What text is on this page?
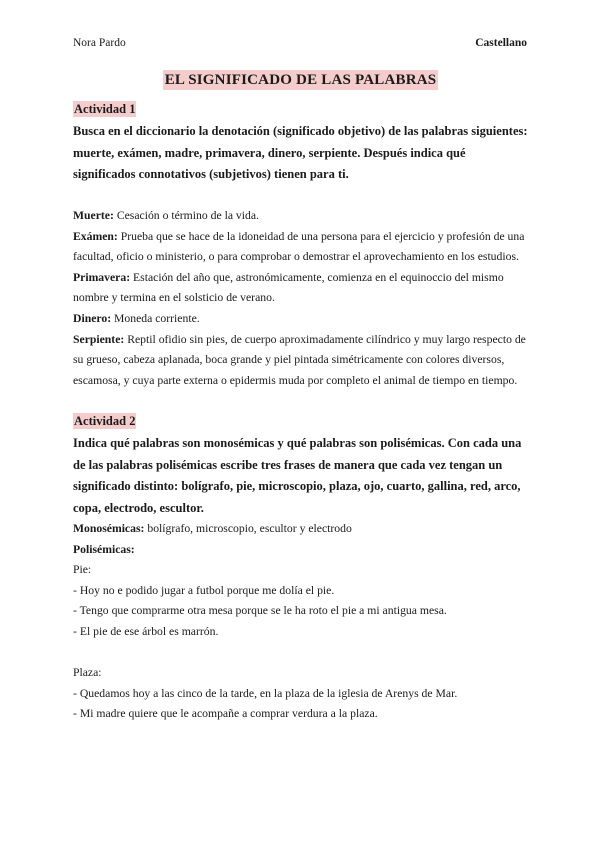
Nora Pardo	Castellano
EL SIGNIFICADO DE LAS PALABRAS
Actividad 1

Busca en el diccionario la denotación (significado objetivo) de las palabras siguientes: muerte, exámen, madre, primavera, dinero, serpiente. Después indica qué significados connotativos (subjetivos) tienen para ti.

Muerte: Cesación o término de la vida.

Exámen: Prueba que se hace de la idoneidad de una persona para el ejercicio y profesión de una facultad, oficio o ministerio, o para comprobar o demostrar el aprovechamiento en los estudios.

Primavera: Estación del año que, astronómicamente, comienza en el equinoccio del mismo nombre y termina en el solsticio de verano.

Dinero: Moneda corriente.

Serpiente: Reptil ofidio sin pies, de cuerpo aproximadamente cilíndrico y muy largo respecto de su grueso, cabeza aplanada, boca grande y piel pintada simétricamente con colores diversos, escamosa, y cuya parte externa o epidermis muda por completo el animal de tiempo en tiempo.

Actividad 2

Indica qué palabras son monosémicas y qué palabras son polisémicas. Con cada una de las palabras polisémicas escribe tres frases de manera que cada vez tengan un significado distinto: bolígrafo, pie, microscopio, plaza, ojo, cuarto, gallina, red, arco, copa, electrodo, escultor.

Monosémicas: bolígrafo, microscopio, escultor y electrodo

Polisémicas:

Pie:

- Hoy no e podido jugar a futbol porque me dolía el pie.

- Tengo que comprarme otra mesa porque se le ha roto el pie a mi antigua mesa.

- El pie de ese árbol es marrón.

Plaza:

- Quedamos hoy a las cinco de la tarde, en la plaza de la iglesia de Arenys de Mar.

- Mi madre quiere que le acompañe a comprar verdura a la plaza.
